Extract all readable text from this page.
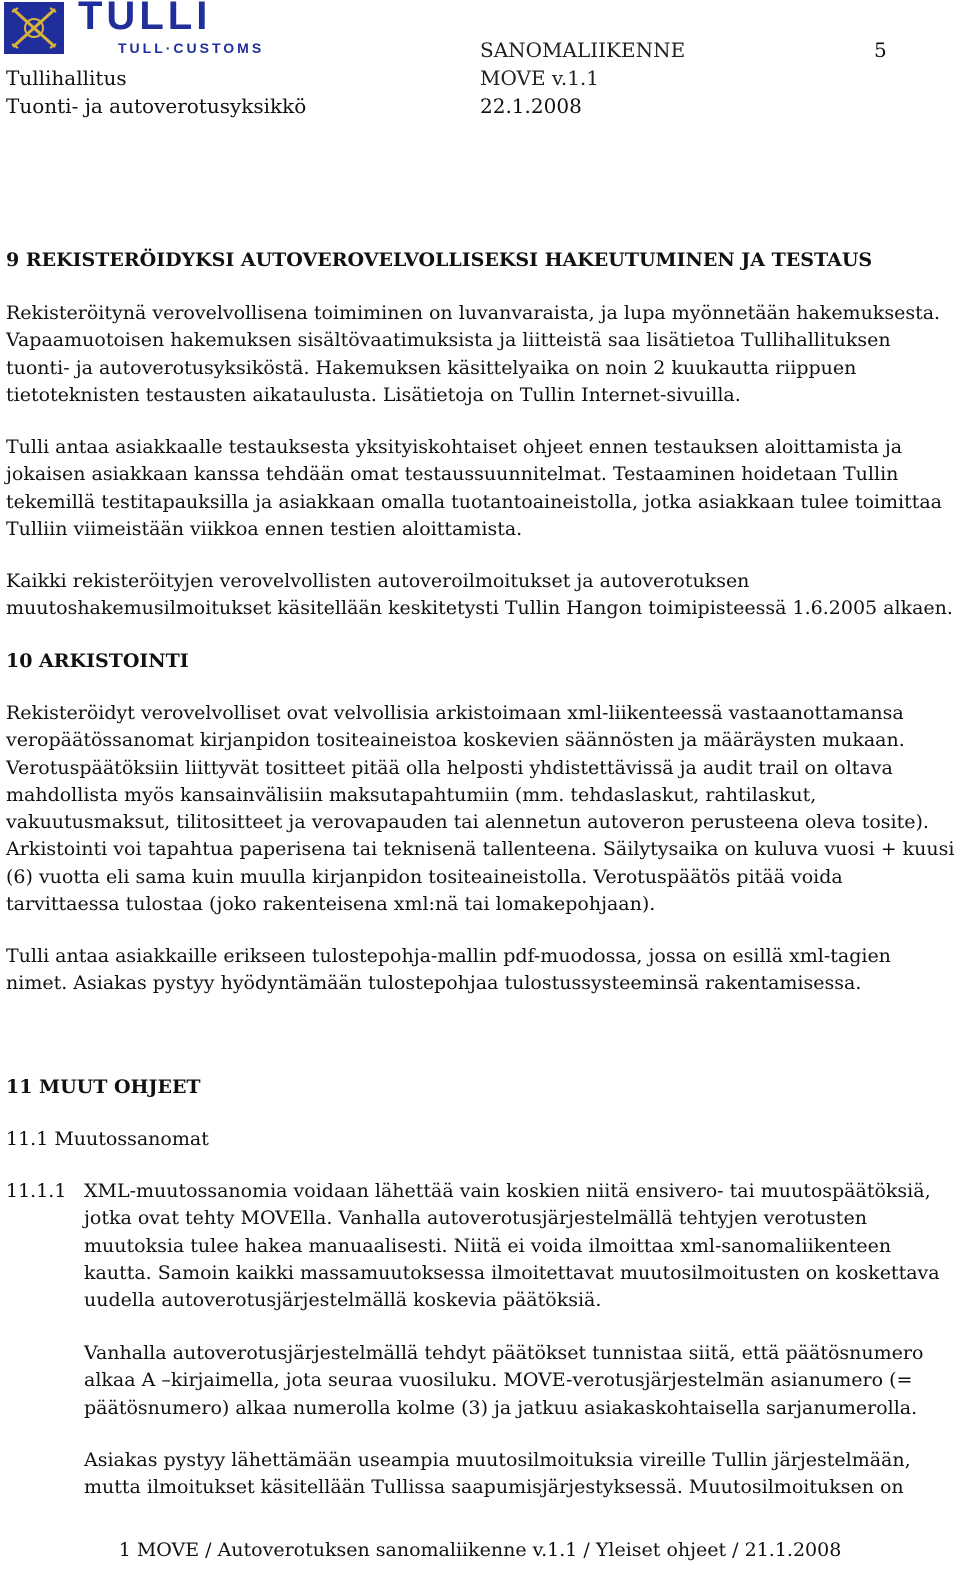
TULLI
TULL·CUSTOMS
Tullihallitus
Tuonti- ja autoverotusyksikkö
SANOMALIIKENNE	5
MOVE v.1.1
22.1.2008
9 REKISTERÖIDYKSI AUTOVEROVELVOLLISEKSI HAKEUTUMINEN JA TESTAUS
Rekisteröitynä verovelvollisena toimiminen on luvanvaraista, ja lupa myönnetään hakemuksesta. Vapaamuotoisen hakemuksen sisältövaatimuksista ja liitteistä saa lisätietoa Tullihallituksen tuonti- ja autoverotusyksiköstä. Hakemuksen käsittelyaika on noin 2 kuukautta riippuen tietoteknisten testausten aikataulusta. Lisätietoja on Tullin Internet-sivuilla.
Tulli antaa asiakkaalle testauksesta yksityiskohtaiset ohjeet ennen testauksen aloittamista ja jokaisen asiakkaan kanssa tehdään omat testaussuunnitelmat. Testaaminen hoidetaan Tullin tekemillä testitapauksilla ja asiakkaan omalla tuotantoaineistolla, jotka asiakkaan tulee toimittaa Tulliin viimeistään viikkoa ennen testien aloittamista.
Kaikki rekisteröityjen verovelvollisten autoveroilmoitukset ja autoverotuksen muutoshakemusilmoitukset käsitellään keskitetysti Tullin Hangon toimipisteessä 1.6.2005 alkaen.
10 ARKISTOINTI
Rekisteröidyt verovelvolliset ovat velvollisia arkistoimaan xml-liikenteessä vastaanottamansa veropäätössanomat kirjanpidon tositeaineistoa koskevien säännösten ja määräysten mukaan. Verotuspäätöksiin liittyvät tositteet pitää olla helposti yhdistettävissä ja audit trail on oltava mahdollista myös kansainvälisiin maksutapahtumiin (mm. tehdaslaskut, rahtilaskut, vakuutusmaksut, tilitositteet ja verovapauden tai alennetun autoveron perusteena oleva tosite). Arkistointi voi tapahtua paperisena tai teknisenä tallenteena. Säilytysaika on kuluva vuosi + kuusi (6) vuotta eli sama kuin muulla kirjanpidon tositeaineistolla. Verotuspäätös pitää voida tarvittaessa tulostaa (joko rakenteisena xml:nä tai lomakepohjaan).
Tulli antaa asiakkaille erikseen tulostepohja-mallin pdf-muodossa, jossa on esillä xml-tagien nimet. Asiakas pystyy hyödyntämään tulostepohjaa tulostussysteeminsä rakentamisessa.
11 MUUT OHJEET
11.1 Muutossanomat
11.1.1 XML-muutossanomia voidaan lähettää vain koskien niitä ensivero- tai muutospäätöksiä, jotka ovat tehty MOVElla. Vanhalla autoverotusjärjestelmällä tehtyjen verotusten muutoksia tulee hakea manuaalisesti. Niitä ei voida ilmoittaa xml-sanomaliikenteen kautta. Samoin kaikki massamuutoksessa ilmoitettavat muutosilmoitusten on koskettava uudella autoverotusjärjestelmällä koskevia päätöksiä.
Vanhalla autoverotusjärjestelmällä tehdyt päätökset tunnistaa siitä, että päätösnumero alkaa A –kirjaimella, jota seuraa vuosiluku. MOVE-verotusjärjestelmän asianumero (= päätösnumero) alkaa numerolla kolme (3) ja jatkuu asiakaskohtaisella sarjanumerolla.
Asiakas pystyy lähettämään useampia muutosilmoituksia vireille Tullin järjestelmään, mutta ilmoitukset käsitellään Tullissa saapumisjärjestyksessä. Muutosilmoituksen on
1 MOVE / Autoverotuksen sanomaliikenne v.1.1 / Yleiset ohjeet / 21.1.2008
